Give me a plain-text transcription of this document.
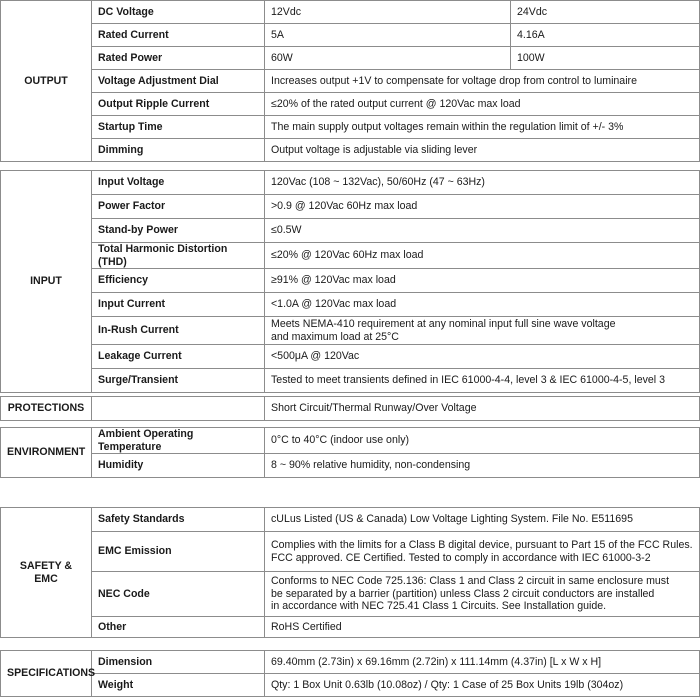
OUTPUT	DC Voltage	12Vdc	24Vdc
	Rated Current	5A	4.16A
	Rated Power	60W	100W
	Voltage Adjustment Dial	Increases output +1V to compensate for voltage drop from control to luminaire	
	Output Ripple Current	≤20% of the rated output current @ 120Vac max load	
	Startup Time	The main supply output voltages remain within the regulation limit of +/- 3%	
	Dimming	Output voltage is adjustable via sliding lever	
INPUT	Input Voltage	120Vac (108 ~ 132Vac), 50/60Hz (47 ~ 63Hz)
	Power Factor	>0.9 @ 120Vac 60Hz max load
	Stand-by Power	≤0.5W
	Total Harmonic Distortion (THD)	≤20% @ 120Vac 60Hz max load
	Efficiency	≥91% @ 120Vac max load
	Input Current	<1.0A @ 120Vac max load
	In-Rush Current	Meets NEMA-410 requirement at any nominal input full sine wave voltage
and maximum load at 25°C

	Leakage Current	<500μA @ 120Vac
	Surge/Transient	Tested to meet transients defined in IEC 61000-4-4, level 3 & IEC 61000-4-5, level 3
PROTECTIONS		Short Circuit/Thermal Runway/Over Voltage
ENVIRONMENT	Ambient Operating Temperature	0°C to 40°C (indoor use only)
	Humidity	8 ~ 90% relative humidity, non-condensing
SAFETY & EMC	Safety Standards	cULus Listed (US & Canada) Low Voltage Lighting System. File No. E511695
	EMC Emission	Complies with the limits for a Class B digital device, pursuant to Part 15 of the FCC Rules.
FCC approved. CE Certified. Tested to comply in accordance with IEC 61000-3-2

	NEC Code	Conforms to NEC Code 725.136: Class 1 and Class 2 circuit in same enclosure must
be separated by a barrier (partition) unless Class 2 circuit conductors are installed
in accordance with NEC 725.41 Class 1 Circuits. See Installation guide.

	Other	RoHS Certified
SPECIFICATIONS	Dimension	69.40mm (2.73in) x 69.16mm (2.72in) x 111.14mm (4.37in) [L x W x H]
	Weight	Qty: 1 Box Unit 0.63lb (10.08oz) / Qty: 1 Case of 25 Box Units 19lb (304oz)
